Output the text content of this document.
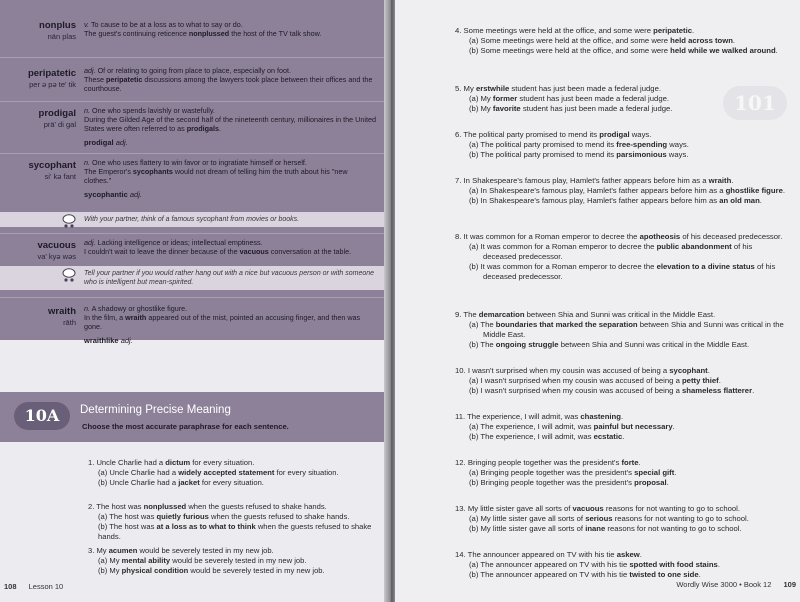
nonplus
nän plas
v. To cause to be at a loss as to what to say or do.
The guest's continuing reticence nonplussed the host of the TV talk show.
peripatetic
per ə pə te' tik
adj. Of or relating to going from place to place, especially on foot.
These peripatetic discussions among the lawyers took place between their offices and the courthouse.
prodigal
prä' di gal
n. One who spends lavishly or wastefully.
During the Gilded Age of the second half of the nineteenth century, millionaires in the United States were often referred to as prodigals.
prodigal adj.
sycophant
si' kə fant
n. One who uses flattery to win favor or to ingratiate himself or herself.
The Emperor's sycophants would not dream of telling him the truth about his "new clothes."
sycophantic adj.
With your partner, think of a famous sycophant from movies or books.
vacuous
va' kyə wəs
adj. Lacking intelligence or ideas; intellectual emptiness.
I couldn't wait to leave the dinner because of the vacuous conversation at the table.
Tell your partner if you would rather hang out with a nice but vacuous person or with someone who is intelligent but mean-spirited.
wraith
rāth
n. A shadowy or ghostlike figure.
In the film, a wraith appeared out of the mist, pointed an accusing finger, and then was gone.
wraithlike adj.
10A	Determining Precise Meaning
Choose the most accurate paraphrase for each sentence.
1. Uncle Charlie had a dictum for every situation.
(a) Uncle Charlie had a widely accepted statement for every situation.
(b) Uncle Charlie had a jacket for every situation.
2. The host was nonplussed when the guests refused to shake hands.
(a) The host was quietly furious when the guests refused to shake hands.
(b) The host was at a loss as to what to think when the guests refused to shake hands.
3. My acumen would be severely tested in my new job.
(a) My mental ability would be severely tested in my new job.
(b) My physical condition would be severely tested in my new job.
108 Lesson 10
101
4. Some meetings were held at the office, and some were peripatetic.
(a) Some meetings were held at the office, and some were held across town.
(b) Some meetings were held at the office, and some were held while we walked around.
5. My erstwhile student has just been made a federal judge.
(a) My former student has just been made a federal judge.
(b) My favorite student has just been made a federal judge.
6. The political party promised to mend its prodigal ways.
(a) The political party promised to mend its free-spending ways.
(b) The political party promised to mend its parsimonious ways.
7. In Shakespeare's famous play, Hamlet's father appears before him as a wraith.
(a) In Shakespeare's famous play, Hamlet's father appears before him as a ghostlike figure.
(b) In Shakespeare's famous play, Hamlet's father appears before him as an old man.
8. It was common for a Roman emperor to decree the apotheosis of his deceased predecessor.
(a) It was common for a Roman emperor to decree the public abandonment of his deceased predecessor.
(b) It was common for a Roman emperor to decree the elevation to a divine status of his deceased predecessor.
9. The demarcation between Shia and Sunni was critical in the Middle East.
(a) The boundaries that marked the separation between Shia and Sunni was critical in the Middle East.
(b) The ongoing struggle between Shia and Sunni was critical in the Middle East.
10. I wasn't surprised when my cousin was accused of being a sycophant.
(a) I wasn't surprised when my cousin was accused of being a petty thief.
(b) I wasn't surprised when my cousin was accused of being a shameless flatterer.
11. The experience, I will admit, was chastening.
(a) The experience, I will admit, was painful but necessary.
(b) The experience, I will admit, was ecstatic.
12. Bringing people together was the president's forte.
(a) Bringing people together was the president's special gift.
(b) Bringing people together was the president's proposal.
13. My little sister gave all sorts of vacuous reasons for not wanting to go to school.
(a) My little sister gave all sorts of serious reasons for not wanting to go to school.
(b) My little sister gave all sorts of inane reasons for not wanting to go to school.
14. The announcer appeared on TV with his tie askew.
(a) The announcer appeared on TV with his tie spotted with food stains.
(b) The announcer appeared on TV with his tie twisted to one side.
Wordly Wise 3000 • Book 12 109
